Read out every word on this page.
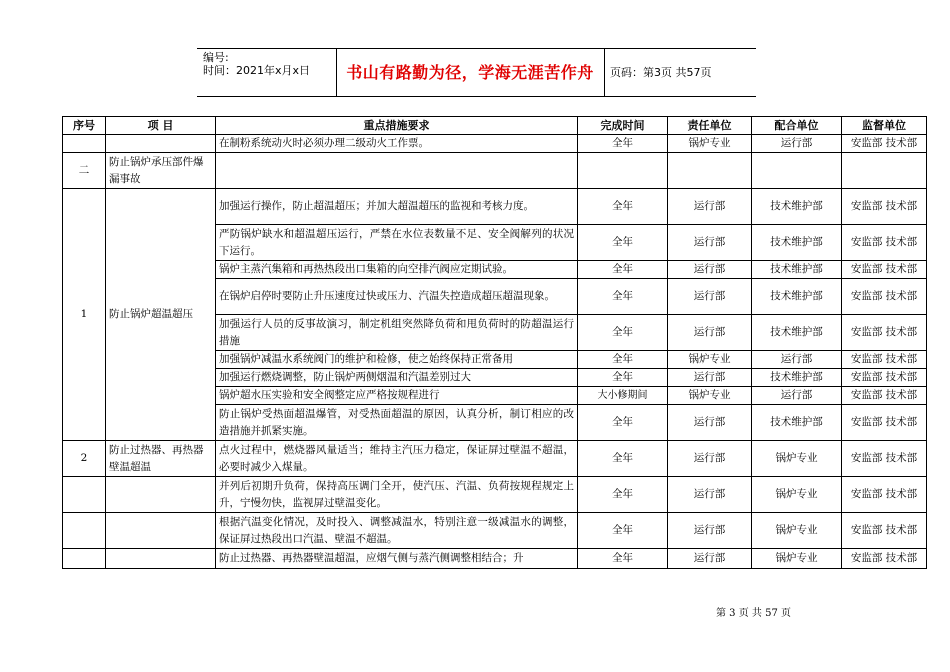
编号:
时间：2021年x月x日	书山有路勤为径，学海无涯苦作舟	页码：第3页 共57页
序号	项 目	重点措施要求	完成时间	责任单位	配合单位	监督单位
		在制粉系统动火时必须办理二级动火工作票。	全年	锅炉专业	运行部	安监部 技术部
二	防止锅炉承压部件爆漏事故					
1	防止锅炉超温超压	加强运行操作，防止超温超压；并加大超温超压的监视和考核力度。	全年	运行部	技术维护部	安监部 技术部
		严防锅炉缺水和超温超压运行，严禁在水位表数量不足、安全阀解列的状况下运行。	全年	运行部	技术维护部	安监部 技术部
		锅炉主蒸汽集箱和再热热段出口集箱的向空排汽阀应定期试验。	全年	运行部	技术维护部	安监部 技术部
		在锅炉启停时要防止升压速度过快或压力、汽温失控造成超压超温现象。	全年	运行部	技术维护部	安监部 技术部
		加强运行人员的反事故演习，制定机组突然降负荷和甩负荷时的防超温运行措施	全年	运行部	技术维护部	安监部 技术部
		加强锅炉减温水系统阀门的维护和检修，使之始终保持正常备用	全年	锅炉专业	运行部	安监部 技术部
		加强运行燃烧调整，防止锅炉两侧烟温和汽温差别过大	全年	运行部	技术维护部	安监部 技术部
		锅炉超水压实验和安全阀整定应严格按规程进行	大小修期间	锅炉专业	运行部	安监部 技术部
		防止锅炉受热面超温爆管，对受热面超温的原因，认真分析，制订相应的改造措施并抓紧实施。	全年	运行部	技术维护部	安监部 技术部
2	防止过热器、再热器壁温超温	点火过程中，燃烧器风量适当；维持主汽压力稳定，保证屏过壁温不超温，必要时减少入煤量。	全年	运行部	锅炉专业	安监部 技术部
		并列后初期升负荷，保持高压调门全开，使汽压、汽温、负荷按规程规定上升，宁慢勿快，监视屏过壁温变化。	全年	运行部	锅炉专业	安监部 技术部
		根据汽温变化情况，及时投入、调整减温水，特别注意一级减温水的调整，保证屏过热段出口汽温、壁温不超温。	全年	运行部	锅炉专业	安监部 技术部
		防止过热器、再热器壁温超温，应烟气侧与蒸汽侧调整相结合；升	全年	运行部	锅炉专业	安监部 技术部
第 3 页 共 57 页
